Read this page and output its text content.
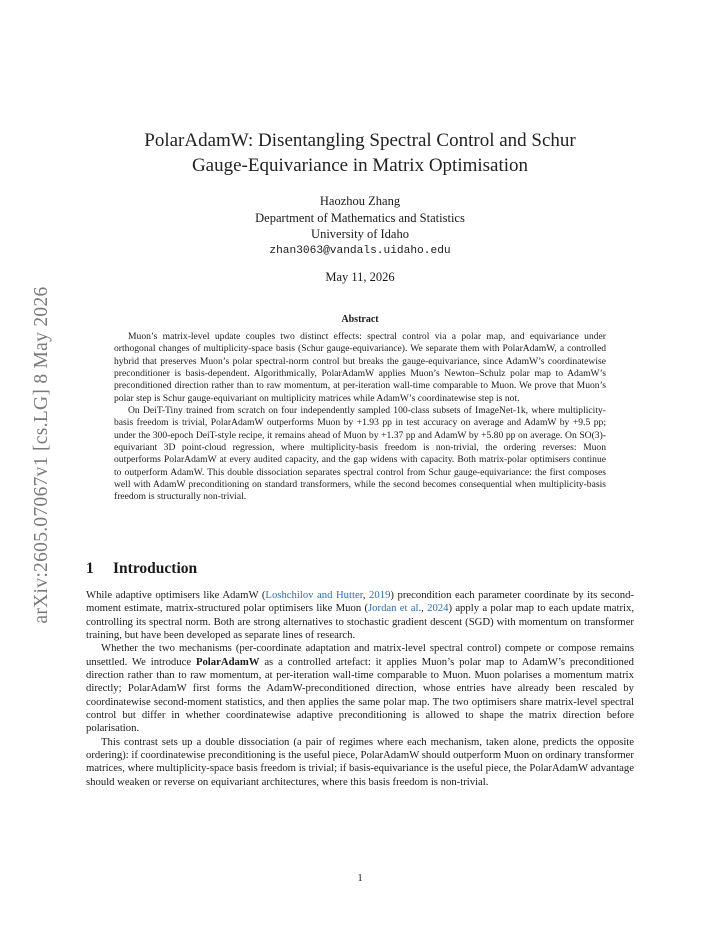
arXiv:2605.07067v1 [cs.LG] 8 May 2026
PolarAdamW: Disentangling Spectral Control and Schur
Gauge-Equivariance in Matrix Optimisation
Haozhou Zhang
Department of Mathematics and Statistics
University of Idaho
zhan3063@vandals.uidaho.edu
May 11, 2026
Abstract

Muon’s matrix-level update couples two distinct effects: spectral control via a polar map, and equivariance under orthogonal changes of multiplicity-space basis (Schur gauge-equivariance). We separate them with PolarAdamW, a controlled hybrid that preserves Muon’s polar spectral-norm control but breaks the gauge-equivariance, since AdamW’s coordinatewise preconditioner is basis-dependent. Algorithmically, PolarAdamW applies Muon’s Newton–Schulz polar map to AdamW’s preconditioned direction rather than to raw momentum, at per-iteration wall-time comparable to Muon. We prove that Muon’s polar step is Schur gauge-equivariant on multiplicity matrices while AdamW’s coordinatewise step is not.

On DeiT-Tiny trained from scratch on four independently sampled 100-class subsets of ImageNet-1k, where multiplicity-basis freedom is trivial, PolarAdamW outperforms Muon by +1.93 pp in test accuracy on average and AdamW by +9.5 pp; under the 300-epoch DeiT-style recipe, it remains ahead of Muon by +1.37 pp and AdamW by +5.80 pp on average. On SO(3)-equivariant 3D point-cloud regression, where multiplicity-basis freedom is non-trivial, the ordering reverses: Muon outperforms PolarAdamW at every audited capacity, and the gap widens with capacity. Both matrix-polar optimisers continue to outperform AdamW. This double dissociation separates spectral control from Schur gauge-equivariance: the first composes well with AdamW preconditioning on standard transformers, while the second becomes consequential when multiplicity-basis freedom is structurally non-trivial.

1 Introduction

While adaptive optimisers like AdamW (Loshchilov and Hutter, 2019) precondition each parameter coordinate by its second-moment estimate, matrix-structured polar optimisers like Muon (Jordan et al., 2024) apply a polar map to each update matrix, controlling its spectral norm. Both are strong alternatives to stochastic gradient descent (SGD) with momentum on transformer training, but have been developed as separate lines of research.

Whether the two mechanisms (per-coordinate adaptation and matrix-level spectral control) compete or compose remains unsettled. We introduce PolarAdamW as a controlled artefact: it applies Muon’s polar map to AdamW’s preconditioned direction rather than to raw momentum, at per-iteration wall-time comparable to Muon. Muon polarises a momentum matrix directly; PolarAdamW first forms the AdamW-preconditioned direction, whose entries have already been rescaled by coordinatewise second-moment statistics, and then applies the same polar map. The two optimisers share matrix-level spectral control but differ in whether coordinatewise adaptive preconditioning is allowed to shape the matrix direction before polarisation.

This contrast sets up a double dissociation (a pair of regimes where each mechanism, taken alone, predicts the opposite ordering): if coordinatewise preconditioning is the useful piece, PolarAdamW should outperform Muon on ordinary transformer matrices, where multiplicity-space basis freedom is trivial; if basis-equivariance is the useful piece, the PolarAdamW advantage should weaken or reverse on equivariant architectures, where this basis freedom is non-trivial.

1
